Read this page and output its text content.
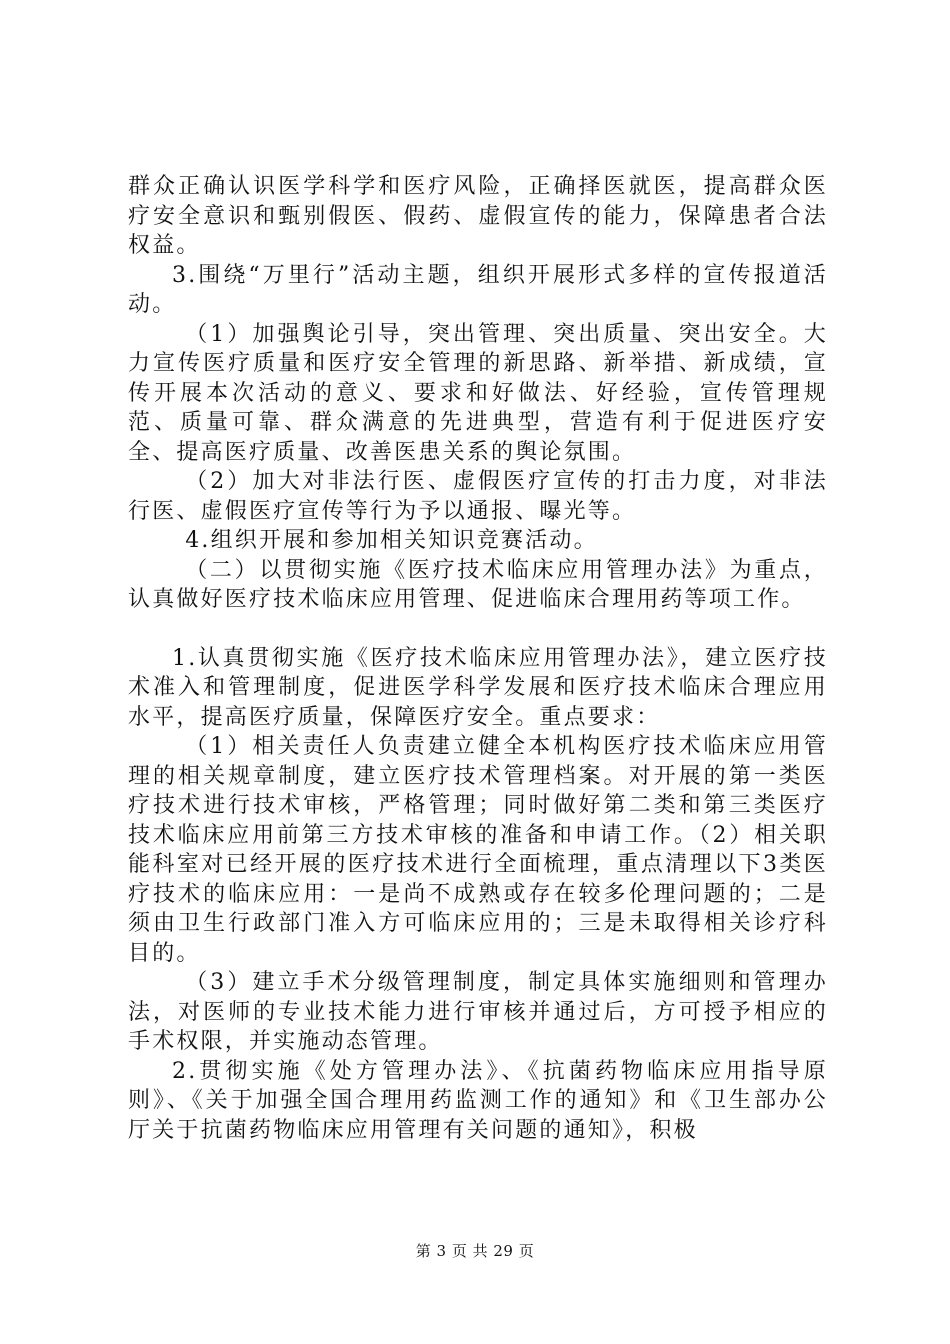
群众正确认识医学科学和医疗风险，正确择医就医，提高群众医疗安全意识和甄别假医、假药、虚假宣传的能力，保障患者合法权益。

3.围绕“万里行”活动主题，组织开展形式多样的宣传报道活动。

（1）加强舆论引导，突出管理、突出质量、突出安全。大力宣传医疗质量和医疗安全管理的新思路、新举措、新成绩，宣传开展本次活动的意义、要求和好做法、好经验，宣传管理规范、质量可靠、群众满意的先进典型，营造有利于促进医疗安全、提高医疗质量、改善医患关系的舆论氛围。

（2）加大对非法行医、虚假医疗宣传的打击力度，对非法行医、虚假医疗宣传等行为予以通报、曝光等。

4.组织开展和参加相关知识竞赛活动。

（二）以贯彻实施《医疗技术临床应用管理办法》为重点，认真做好医疗技术临床应用管理、促进临床合理用药等项工作。

1.认真贯彻实施《医疗技术临床应用管理办法》，建立医疗技术准入和管理制度，促进医学科学发展和医疗技术临床合理应用水平，提高医疗质量，保障医疗安全。重点要求：

（1）相关责任人负责建立健全本机构医疗技术临床应用管理的相关规章制度，建立医疗技术管理档案。对开展的第一类医疗技术进行技术审核，严格管理；同时做好第二类和第三类医疗技术临床应用前第三方技术审核的准备和申请工作。（2）相关职能科室对已经开展的医疗技术进行全面梳理，重点清理以下3类医疗技术的临床应用：一是尚不成熟或存在较多伦理问题的；二是须由卫生行政部门准入方可临床应用的；三是未取得相关诊疗科目的。

（3）建立手术分级管理制度，制定具体实施细则和管理办法，对医师的专业技术能力进行审核并通过后，方可授予相应的手术权限，并实施动态管理。

2.贯彻实施《处方管理办法》、《抗菌药物临床应用指导原则》、《关于加强全国合理用药监测工作的通知》和《卫生部办公厅关于抗菌药物临床应用管理有关问题的通知》，积极

第 3 页 共 29 页
